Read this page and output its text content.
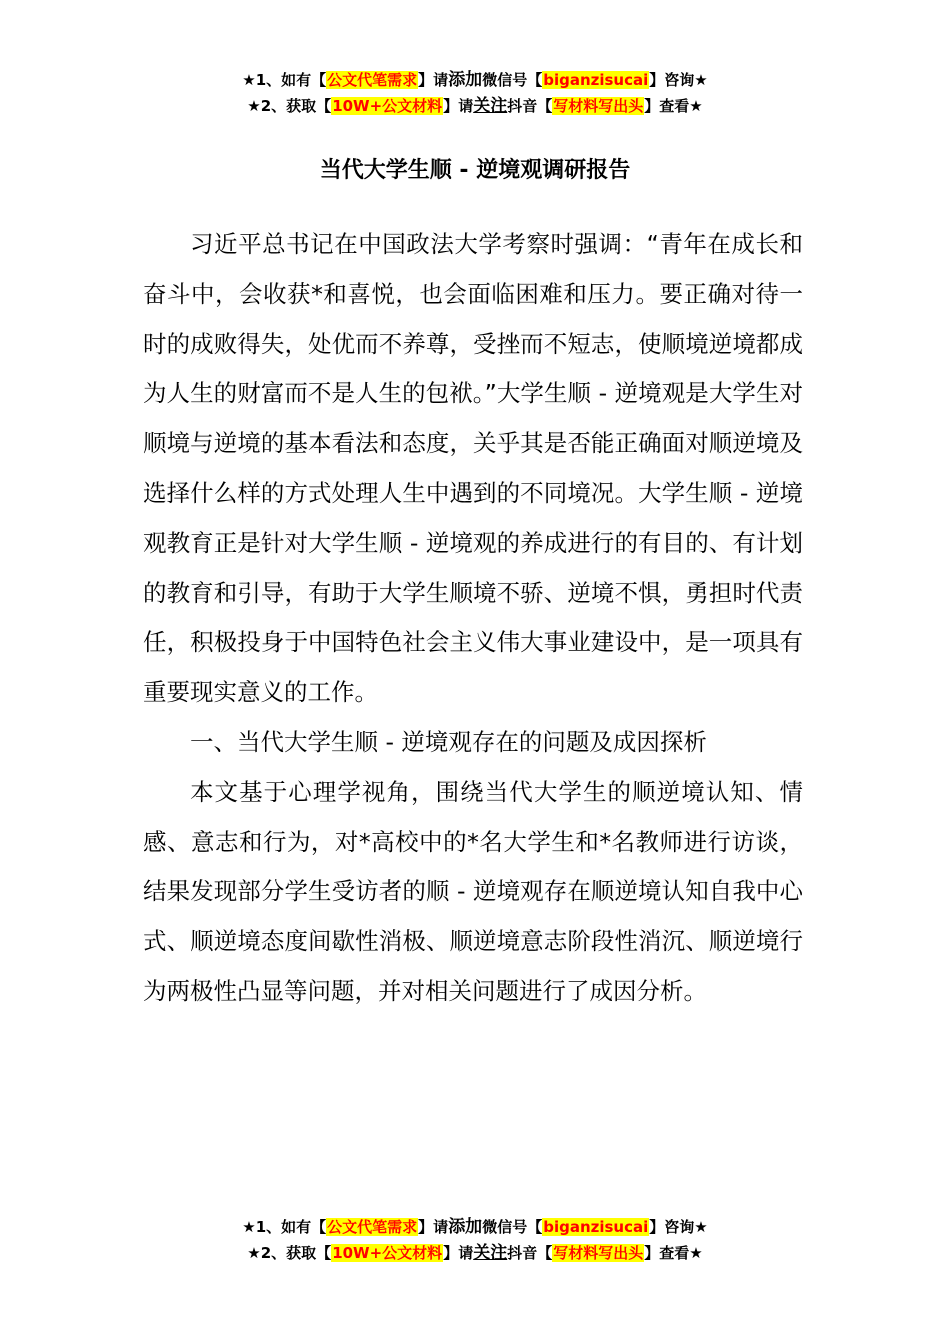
★1、如有【公文代笔需求】请添加微信号【biganzisucai】咨询★
★2、获取【10W+公文材料】请关注抖音【写材料写出头】查看★
当代大学生顺 - 逆境观调研报告

习近平总书记在中国政法大学考察时强调：“青年在成长和奋斗中，会收获*和喜悦，也会面临困难和压力。要正确对待一时的成败得失，处优而不养尊，受挫而不短志，使顺境逆境都成为人生的财富而不是人生的包袱。”大学生顺 - 逆境观是大学生对顺境与逆境的基本看法和态度，关乎其是否能正确面对顺逆境及选择什么样的方式处理人生中遇到的不同境况。大学生顺 - 逆境观教育正是针对大学生顺 - 逆境观的养成进行的有目的、有计划的教育和引导，有助于大学生顺境不骄、逆境不惧，勇担时代责任，积极投身于中国特色社会主义伟大事业建设中，是一项具有重要现实意义的工作。

一、当代大学生顺 - 逆境观存在的问题及成因探析

本文基于心理学视角，围绕当代大学生的顺逆境认知、情感、意志和行为，对*高校中的*名大学生和*名教师进行访谈，结果发现部分学生受访者的顺 - 逆境观存在顺逆境认知自我中心式、顺逆境态度间歇性消极、顺逆境意志阶段性消沉、顺逆境行为两极性凸显等问题，并对相关问题进行了成因分析。

★1、如有【公文代笔需求】请添加微信号【biganzisucai】咨询★
★2、获取【10W+公文材料】请关注抖音【写材料写出头】查看★
